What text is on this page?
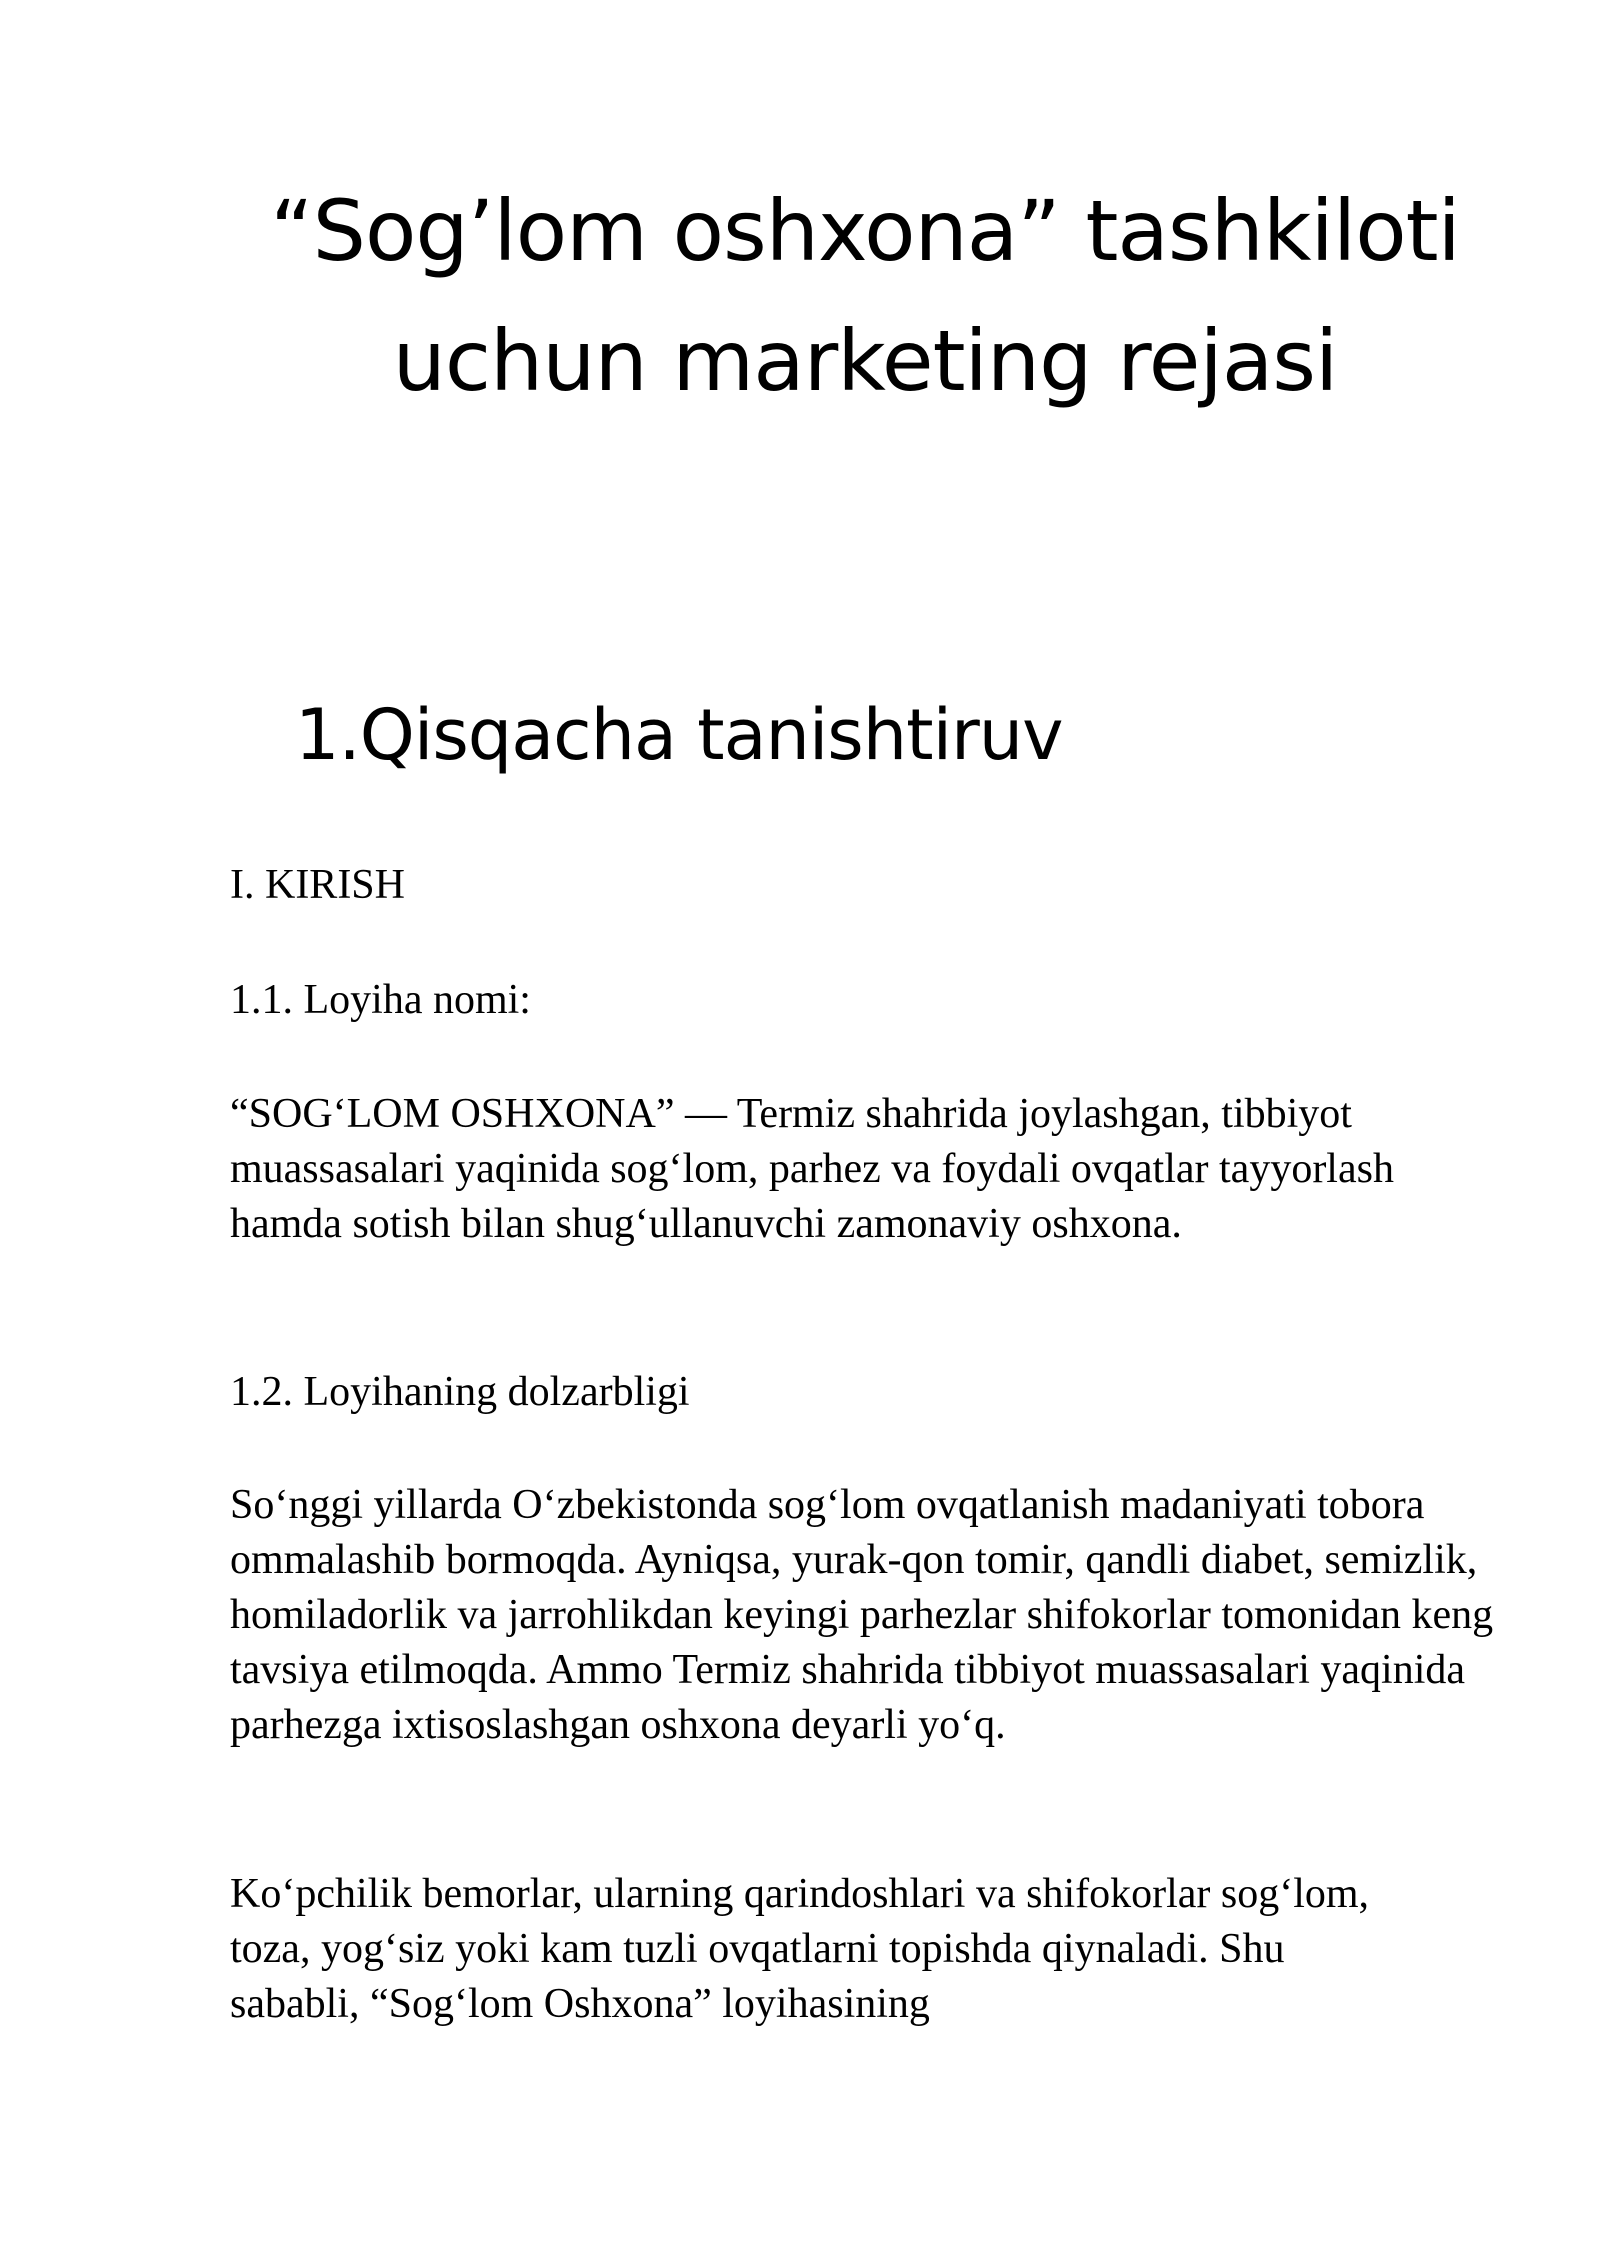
“Sog’lom oshxona” tashkiloti uchun marketing rejasi
1.Qisqacha tanishtiruv

I. KIRISH

1.1. Loyiha nomi:

“SOG‘LOM OSHXONA” — Termiz shahrida joylashgan, tibbiyot muassasalari yaqinida sog‘lom, parhez va foydali ovqatlar tayyorlash hamda sotish bilan shug‘ullanuvchi zamonaviy oshxona.

1.2. Loyihaning dolzarbligi

So‘nggi yillarda O‘zbekistonda sog‘lom ovqatlanish madaniyati tobora ommalashib bormoqda. Ayniqsa, yurak-qon tomir, qandli diabet, semizlik, homiladorlik va jarrohlikdan keyingi parhezlar shifokorlar tomonidan keng tavsiya etilmoqda. Ammo Termiz shahrida tibbiyot muassasalari yaqinida parhezga ixtisoslashgan oshxona deyarli yo‘q.

Ko‘pchilik bemorlar, ularning qarindoshlari va shifokorlar sog‘lom, toza, yog‘siz yoki kam tuzli ovqatlarni topishda qiynaladi. Shu sababli, “Sog‘lom Oshxona” loyihasining
